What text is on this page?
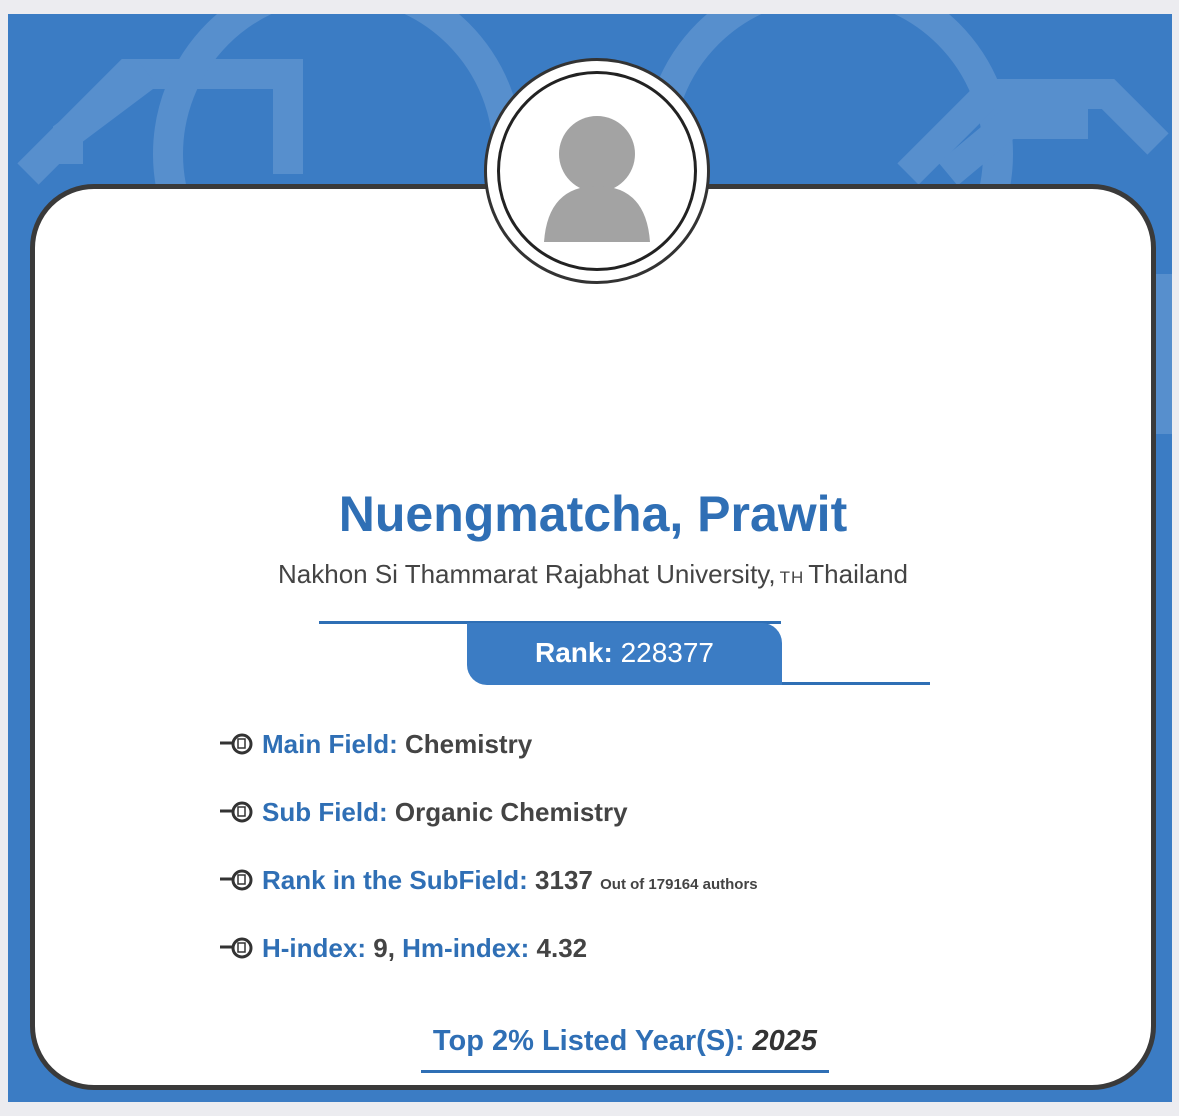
Nuengmatcha, Prawit
Nakhon Si Thammarat Rajabhat University, TH Thailand
Rank: 228377
Main Field: Chemistry
Sub Field: Organic Chemistry
Rank in the SubField: 3137 Out of 179164 authors
H-index: 9, Hm-index: 4.32
Top 2% Listed Year(S): 2025
